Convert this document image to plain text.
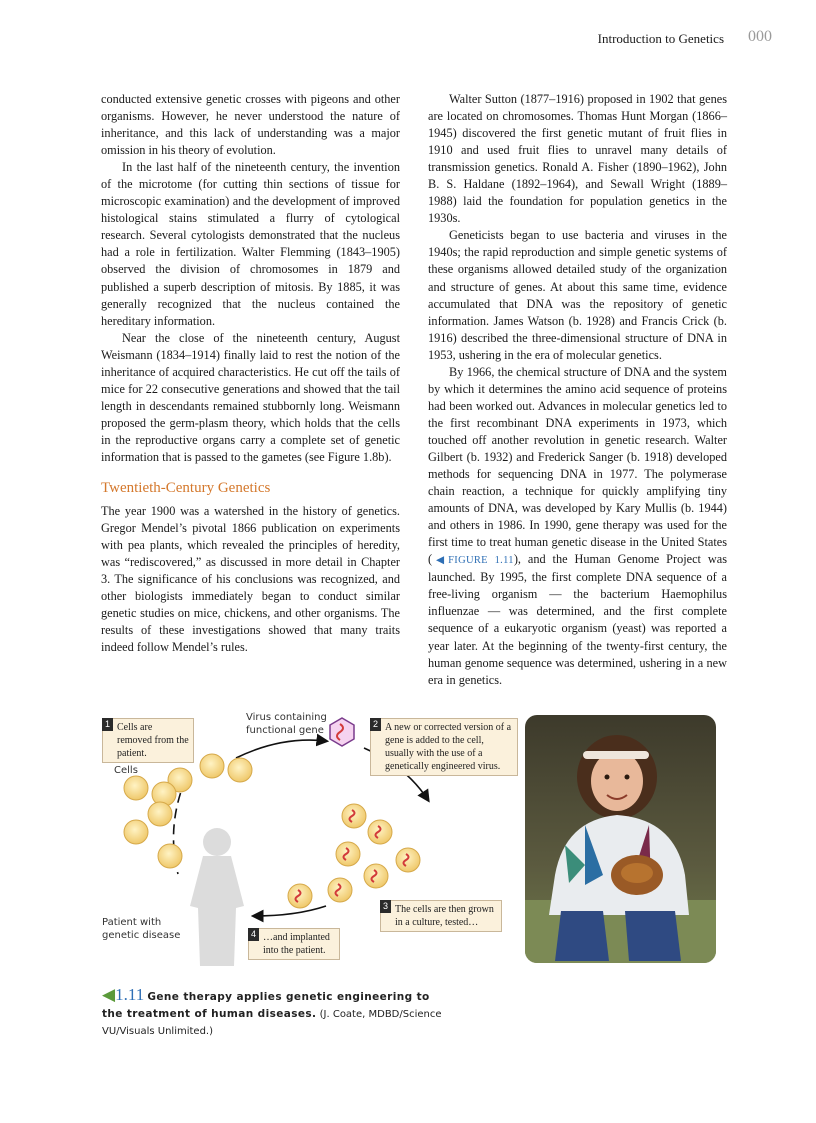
Introduction to Genetics 000

conducted extensive genetic crosses with pigeons and other organisms. However, he never understood the nature of inheritance, and this lack of understanding was a major omission in his theory of evolution.

In the last half of the nineteenth century, the invention of the microtome (for cutting thin sections of tissue for microscopic examination) and the development of improved histological stains stimulated a flurry of cytological research. Several cytologists demonstrated that the nucleus had a role in fertilization. Walter Flemming (1843–1905) observed the division of chromosomes in 1879 and published a superb description of mitosis. By 1885, it was generally recognized that the nucleus contained the hereditary information.

Near the close of the nineteenth century, August Weismann (1834–1914) finally laid to rest the notion of the inheritance of acquired characteristics. He cut off the tails of mice for 22 consecutive generations and showed that the tail length in descendants remained stubbornly long. Weismann proposed the germ-plasm theory, which holds that the cells in the reproductive organs carry a complete set of genetic information that is passed to the gametes (see Figure 1.8b).

Twentieth-Century Genetics

The year 1900 was a watershed in the history of genetics. Gregor Mendel’s pivotal 1866 publication on experiments with pea plants, which revealed the principles of heredity, was “rediscovered,” as discussed in more detail in Chapter 3. The significance of his conclusions was recognized, and other biologists immediately began to conduct similar genetic studies on mice, chickens, and other organisms. The results of these investigations showed that many traits indeed follow Mendel’s rules.

Walter Sutton (1877–1916) proposed in 1902 that genes are located on chromosomes. Thomas Hunt Morgan (1866–1945) discovered the first genetic mutant of fruit flies in 1910 and used fruit flies to unravel many details of transmission genetics. Ronald A. Fisher (1890–1962), John B. S. Haldane (1892–1964), and Sewall Wright (1889–1988) laid the foundation for population genetics in the 1930s.

Geneticists began to use bacteria and viruses in the 1940s; the rapid reproduction and simple genetic systems of these organisms allowed detailed study of the organization and structure of genes. At about this same time, evidence accumulated that DNA was the repository of genetic information. James Watson (b. 1928) and Francis Crick (b. 1916) described the three-dimensional structure of DNA in 1953, ushering in the era of molecular genetics.

By 1966, the chemical structure of DNA and the system by which it determines the amino acid sequence of proteins had been worked out. Advances in molecular genetics led to the first recombinant DNA experiments in 1973, which touched off another revolution in genetic research. Walter Gilbert (b. 1932) and Frederick Sanger (b. 1918) developed methods for sequencing DNA in 1977. The polymerase chain reaction, a technique for quickly amplifying tiny amounts of DNA, was developed by Kary Mullis (b. 1944) and others in 1986. In 1990, gene therapy was used for the first time to treat human genetic disease in the United States (◀FIGURE 1.11), and the Human Genome Project was launched. By 1995, the first complete DNA sequence of a free-living organism — the bacterium Haemophilus influenzae — was determined, and the first complete sequence of a eukaryotic organism (yeast) was reported a year later. At the beginning of the twenty-first century, the human genome sequence was determined, ushering in a new era in genetics.

1 Cells are removed from the patient.
2 A new or corrected version of a gene is added to the cell, usually with the use of a genetically engineered virus.
3 The cells are then grown in a culture, tested…
4 …and implanted into the patient.
Cells
Virus containing functional gene
Patient with genetic disease
◀1.11 Gene therapy applies genetic engineering to the treatment of human diseases. (J. Coate, MDBD/Science VU/Visuals Unlimited.)
